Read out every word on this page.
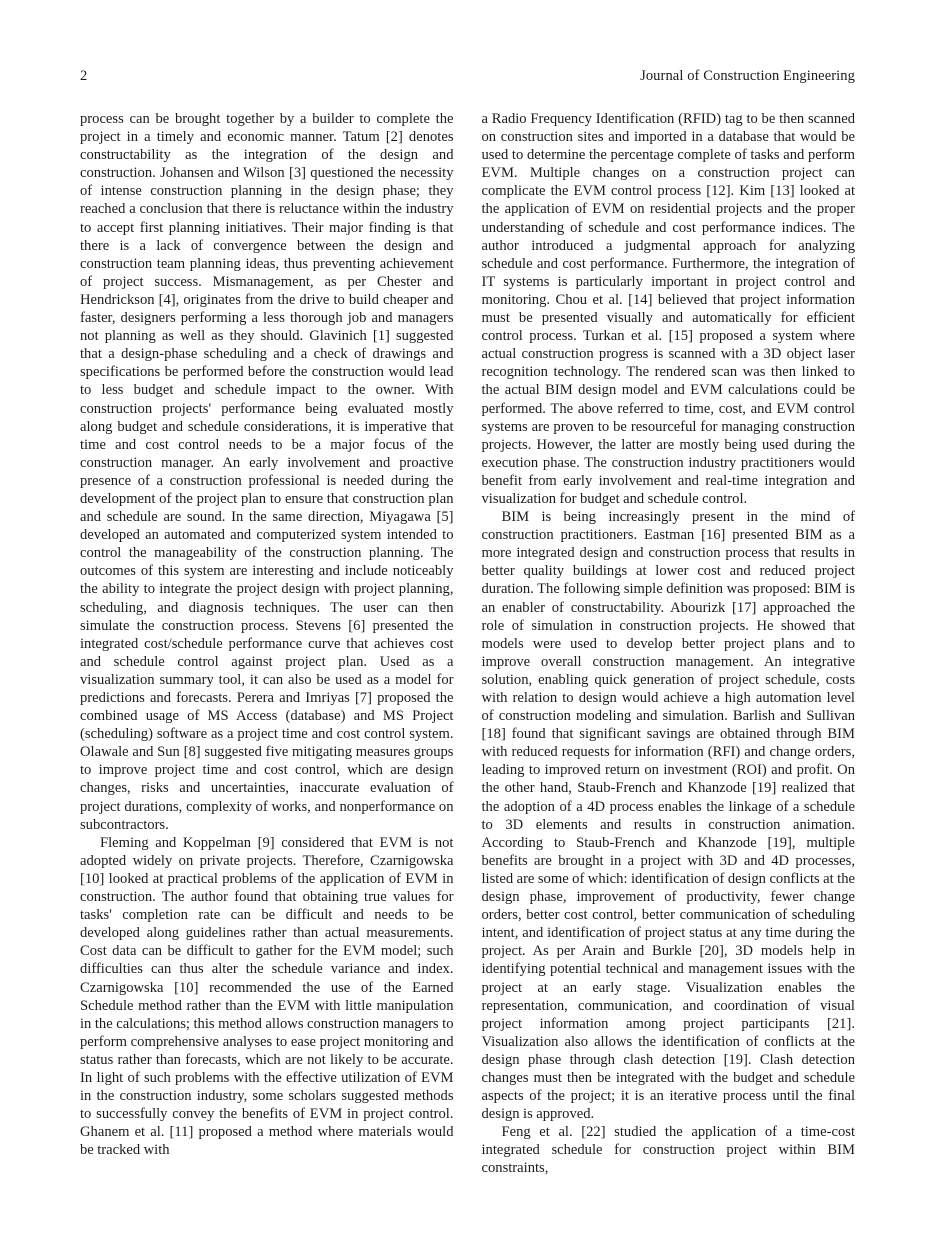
2	Journal of Construction Engineering

process can be brought together by a builder to complete the project in a timely and economic manner. Tatum [2] denotes constructability as the integration of the design and construction. Johansen and Wilson [3] questioned the necessity of intense construction planning in the design phase; they reached a conclusion that there is reluctance within the industry to accept first planning initiatives. Their major finding is that there is a lack of convergence between the design and construction team planning ideas, thus preventing achievement of project success. Mismanagement, as per Chester and Hendrickson [4], originates from the drive to build cheaper and faster, designers performing a less thorough job and managers not planning as well as they should. Glavinich [1] suggested that a design-phase scheduling and a check of drawings and specifications be performed before the construction would lead to less budget and schedule impact to the owner. With construction projects' performance being evaluated mostly along budget and schedule considerations, it is imperative that time and cost control needs to be a major focus of the construction manager. An early involvement and proactive presence of a construction professional is needed during the development of the project plan to ensure that construction plan and schedule are sound. In the same direction, Miyagawa [5] developed an automated and computerized system intended to control the manageability of the construction planning. The outcomes of this system are interesting and include noticeably the ability to integrate the project design with project planning, scheduling, and diagnosis techniques. The user can then simulate the construction process. Stevens [6] presented the integrated cost/schedule performance curve that achieves cost and schedule control against project plan. Used as a visualization summary tool, it can also be used as a model for predictions and forecasts. Perera and Imriyas [7] proposed the combined usage of MS Access (database) and MS Project (scheduling) software as a project time and cost control system. Olawale and Sun [8] suggested five mitigating measures groups to improve project time and cost control, which are design changes, risks and uncertainties, inaccurate evaluation of project durations, complexity of works, and nonperformance on subcontractors.

Fleming and Koppelman [9] considered that EVM is not adopted widely on private projects. Therefore, Czarnigowska [10] looked at practical problems of the application of EVM in construction. The author found that obtaining true values for tasks' completion rate can be difficult and needs to be developed along guidelines rather than actual measurements. Cost data can be difficult to gather for the EVM model; such difficulties can thus alter the schedule variance and index. Czarnigowska [10] recommended the use of the Earned Schedule method rather than the EVM with little manipulation in the calculations; this method allows construction managers to perform comprehensive analyses to ease project monitoring and status rather than forecasts, which are not likely to be accurate. In light of such problems with the effective utilization of EVM in the construction industry, some scholars suggested methods to successfully convey the benefits of EVM in project control. Ghanem et al. [11] proposed a method where materials would be tracked with

a Radio Frequency Identification (RFID) tag to be then scanned on construction sites and imported in a database that would be used to determine the percentage complete of tasks and perform EVM. Multiple changes on a construction project can complicate the EVM control process [12]. Kim [13] looked at the application of EVM on residential projects and the proper understanding of schedule and cost performance indices. The author introduced a judgmental approach for analyzing schedule and cost performance. Furthermore, the integration of IT systems is particularly important in project control and monitoring. Chou et al. [14] believed that project information must be presented visually and automatically for efficient control process. Turkan et al. [15] proposed a system where actual construction progress is scanned with a 3D object laser recognition technology. The rendered scan was then linked to the actual BIM design model and EVM calculations could be performed. The above referred to time, cost, and EVM control systems are proven to be resourceful for managing construction projects. However, the latter are mostly being used during the execution phase. The construction industry practitioners would benefit from early involvement and real-time integration and visualization for budget and schedule control.

BIM is being increasingly present in the mind of construction practitioners. Eastman [16] presented BIM as a more integrated design and construction process that results in better quality buildings at lower cost and reduced project duration. The following simple definition was proposed: BIM is an enabler of constructability. Abourizk [17] approached the role of simulation in construction projects. He showed that models were used to develop better project plans and to improve overall construction management. An integrative solution, enabling quick generation of project schedule, costs with relation to design would achieve a high automation level of construction modeling and simulation. Barlish and Sullivan [18] found that significant savings are obtained through BIM with reduced requests for information (RFI) and change orders, leading to improved return on investment (ROI) and profit. On the other hand, Staub-French and Khanzode [19] realized that the adoption of a 4D process enables the linkage of a schedule to 3D elements and results in construction animation. According to Staub-French and Khanzode [19], multiple benefits are brought in a project with 3D and 4D processes, listed are some of which: identification of design conflicts at the design phase, improvement of productivity, fewer change orders, better cost control, better communication of scheduling intent, and identification of project status at any time during the project. As per Arain and Burkle [20], 3D models help in identifying potential technical and management issues with the project at an early stage. Visualization enables the representation, communication, and coordination of visual project information among project participants [21]. Visualization also allows the identification of conflicts at the design phase through clash detection [19]. Clash detection changes must then be integrated with the budget and schedule aspects of the project; it is an iterative process until the final design is approved.

Feng et al. [22] studied the application of a time-cost integrated schedule for construction project within BIM constraints,
